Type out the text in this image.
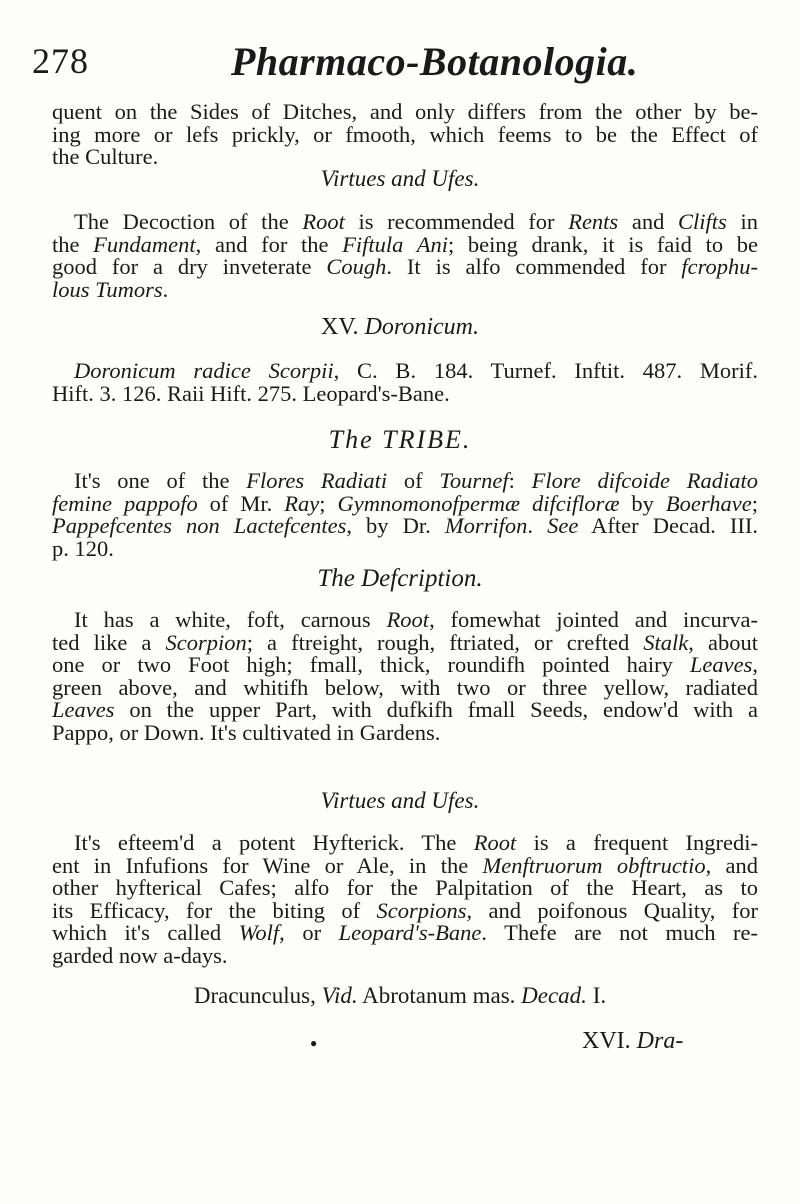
278	Pharmaco-Botanologia.
quent on the Sides of Ditches, and only differs from the other by be-
ing more or lefs prickly, or fmooth, which feems to be the Effect of
the Culture.
Virtues and Ufes.
The Decoction of the Root is recommended for Rents and Clifts in
the Fundament, and for the Fiftula Ani; being drank, it is faid to be
good for a dry inveterate Cough. It is alfo commended for fcrophu-
lous Tumors.
XV. Doronicum.
Doronicum radice Scorpii, C. B. 184. Turnef. Inftit. 487. Morif.
Hift. 3. 126. Raii Hift. 275. Leopard's-Bane.
The TRIBE.
It's one of the Flores Radiati of Tournef: Flore difcoide Radiato
femine pappofo of Mr. Ray; Gymnomonofpermæ difcifloræ by Boerhave;
Pappefcentes non Lactefcentes, by Dr. Morrifon. See After Decad. III.
p. 120.
The Defcription.
It has a white, foft, carnous Root, fomewhat jointed and incurva-
ted like a Scorpion; a ftreight, rough, ftriated, or crefted Stalk, about
one or two Foot high; fmall, thick, roundifh pointed hairy Leaves,
green above, and whitifh below, with two or three yellow, radiated
Leaves on the upper Part, with dufkifh fmall Seeds, endow'd with a
Pappo, or Down. It's cultivated in Gardens.
Virtues and Ufes.
It's efteem'd a potent Hyfterick. The Root is a frequent Ingredi-
ent in Infufions for Wine or Ale, in the Menftruorum obftructio, and
other hyfterical Cafes; alfo for the Palpitation of the Heart, as to
its Efficacy, for the biting of Scorpions, and poifonous Quality, for
which it's called Wolf, or Leopard's-Bane. Thefe are not much re-
garded now a-days.
Dracunculus, Vid. Abrotanum mas. Decad. I.
XVI. Dra-
●
